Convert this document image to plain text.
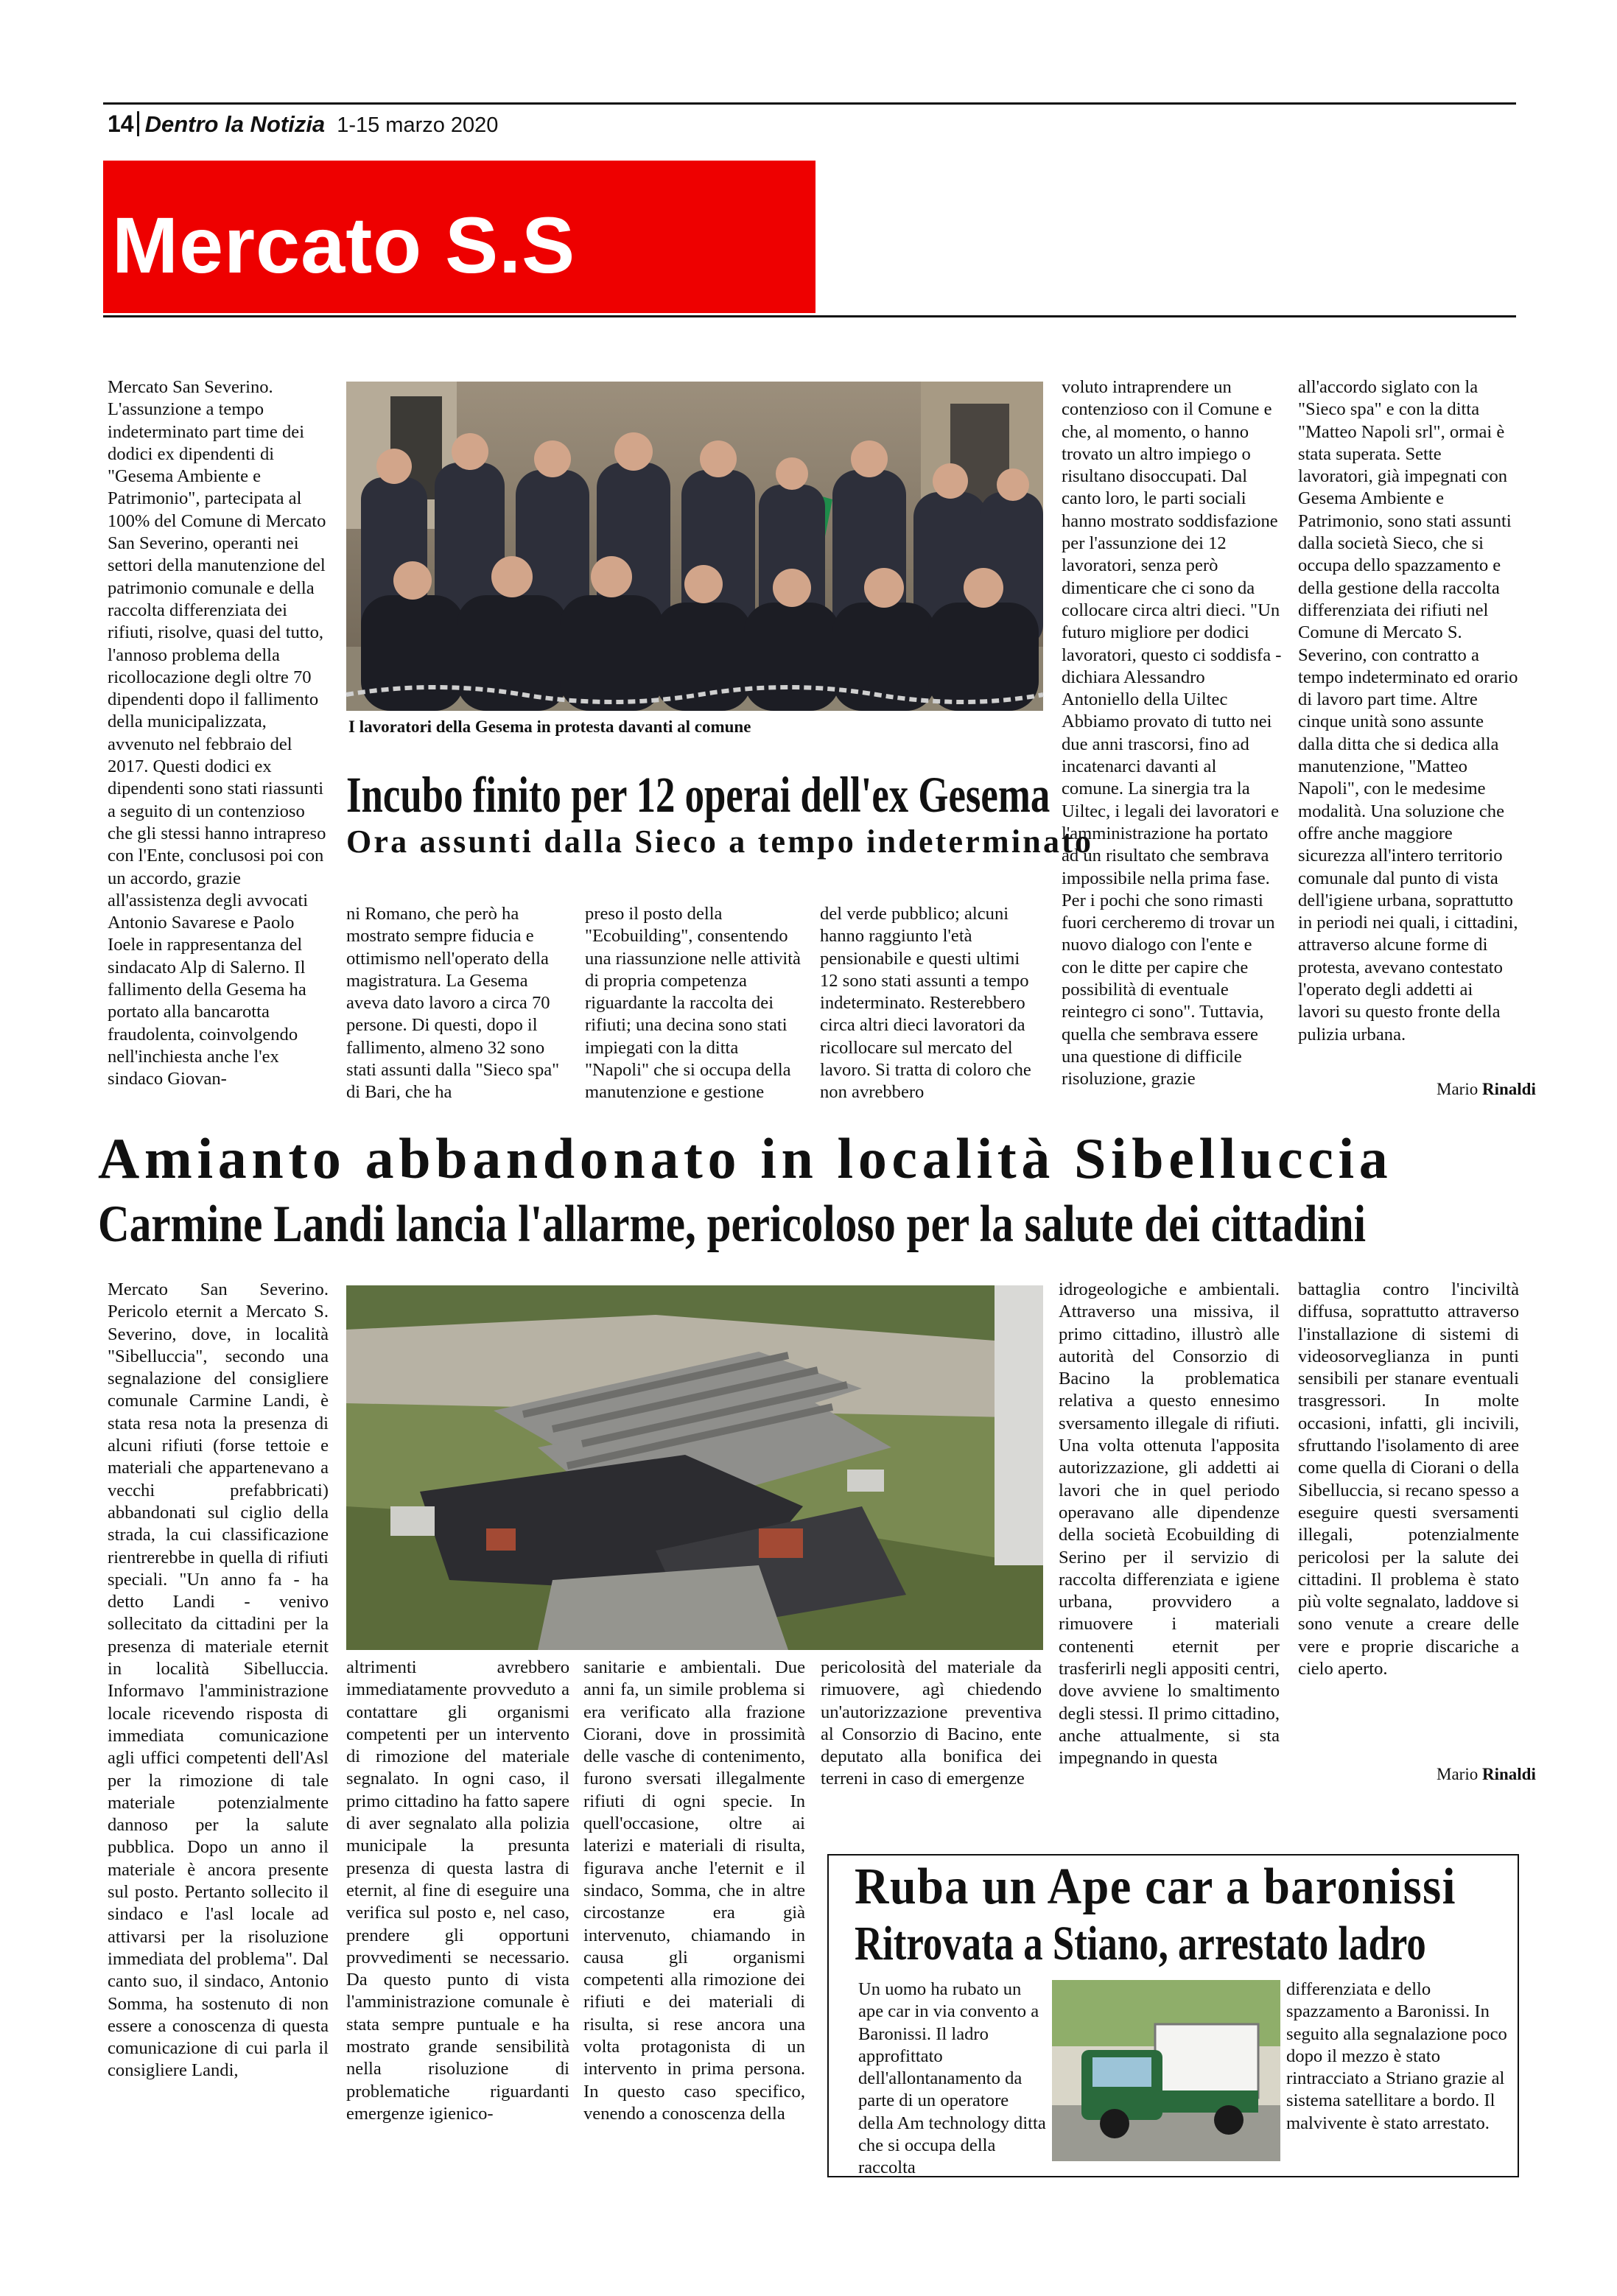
14 Dentro la Notizia 1-15 marzo 2020
Mercato S.S

Mercato San Severino. L'assunzione a tempo indeterminato part time dei dodici ex dipendenti di "Gesema Ambiente e Patrimonio", partecipata al 100% del Comune di Mercato San Severino, operanti nei settori della manutenzione del patrimonio comunale e della raccolta differenziata dei rifiuti, risolve, quasi del tutto, l'annoso problema della ricollocazione degli oltre 70 dipendenti dopo il fallimento della municipalizzata, avvenuto nel febbraio del 2017. Questi dodici ex dipendenti sono stati riassunti a seguito di un contenzioso che gli stessi hanno intrapreso con l'Ente, conclusosi poi con un accordo, grazie all'assistenza degli avvocati Antonio Savarese e Paolo Ioele in rappresentanza del sindacato Alp di Salerno. Il fallimento della Gesema ha portato alla bancarotta fraudolenta, coinvolgendo nell'inchiesta anche l'ex sindaco Giovan-

I lavoratori della Gesema in protesta davanti al comune
Incubo finito per 12 operai dell'ex Gesema
Ora assunti dalla Sieco a tempo indeterminato

ni Romano, che però ha mostrato sempre fiducia e ottimismo nell'operato della magistratura. La Gesema aveva dato lavoro a circa 70 persone. Di questi, dopo il fallimento, almeno 32 sono stati assunti dalla "Sieco spa" di Bari, che ha

preso il posto della "Ecobuilding", consentendo una riassunzione nelle attività di propria competenza riguardante la raccolta dei rifiuti; una decina sono stati impiegati con la ditta "Napoli" che si occupa della manutenzione e gestione

del verde pubblico; alcuni hanno raggiunto l'età pensionabile e questi ultimi 12 sono stati assunti a tempo indeterminato. Resterebbero circa altri dieci lavoratori da ricollocare sul mercato del lavoro. Si tratta di coloro che non avrebbero

voluto intraprendere un contenzioso con il Comune e che, al momento, o hanno trovato un altro impiego o risultano disoccupati. Dal canto loro, le parti sociali hanno mostrato soddisfazione per l'assunzione dei 12 lavoratori, senza però dimenticare che ci sono da collocare circa altri dieci. "Un futuro migliore per dodici lavoratori, questo ci soddisfa - dichiara Alessandro Antoniello della Uiltec Abbiamo provato di tutto nei due anni trascorsi, fino ad incatenarci davanti al comune. La sinergia tra la Uiltec, i legali dei lavoratori e l'amministrazione ha portato ad un risultato che sembrava impossibile nella prima fase. Per i pochi che sono rimasti fuori cercheremo di trovar un nuovo dialogo con l'ente e con le ditte per capire che possibilità di eventuale reintegro ci sono". Tuttavia, quella che sembrava essere una questione di difficile risoluzione, grazie

all'accordo siglato con la "Sieco spa" e con la ditta "Matteo Napoli srl", ormai è stata superata. Sette lavoratori, già impegnati con Gesema Ambiente e Patrimonio, sono stati assunti dalla società Sieco, che si occupa dello spazzamento e della gestione della raccolta differenziata dei rifiuti nel Comune di Mercato S. Severino, con contratto a tempo indeterminato ed orario di lavoro part time. Altre cinque unità sono assunte dalla ditta che si dedica alla manutenzione, "Matteo Napoli", con le medesime modalità. Una soluzione che offre anche maggiore sicurezza all'intero territorio comunale dal punto di vista dell'igiene urbana, soprattutto in periodi nei quali, i cittadini, attraverso alcune forme di protesta, avevano contestato l'operato degli addetti ai lavori su questo fronte della pulizia urbana.

Mario Rinaldi
Amianto abbandonato in località Sibelluccia
Carmine Landi lancia l'allarme, pericoloso per la salute dei cittadini

Mercato San Severino. Pericolo eternit a Mercato S. Severino, dove, in località "Sibelluccia", secondo una segnalazione del consigliere comunale Carmine Landi, è stata resa nota la presenza di alcuni rifiuti (forse tettoie e materiali che appartenevano a vecchi prefabbricati) abbandonati sul ciglio della strada, la cui classificazione rientrerebbe in quella di rifiuti speciali. "Un anno fa - ha detto Landi - venivo sollecitato da cittadini per la presenza di materiale eternit in località Sibelluccia. Informavo l'amministrazione locale ricevendo risposta di immediata comunicazione agli uffici competenti dell'Asl per la rimozione di tale materiale potenzialmente dannoso per la salute pubblica. Dopo un anno il materiale è ancora presente sul posto. Pertanto sollecito il sindaco e l'asl locale ad attivarsi per la risoluzione immediata del problema". Dal canto suo, il sindaco, Antonio Somma, ha sostenuto di non essere a conoscenza di questa comunicazione di cui parla il consigliere Landi,

altrimenti avrebbero immediatamente provveduto a contattare gli organismi competenti per un intervento di rimozione del materiale segnalato. In ogni caso, il primo cittadino ha fatto sapere di aver segnalato alla polizia municipale la presunta presenza di questa lastra di eternit, al fine di eseguire una verifica sul posto e, nel caso, prendere gli opportuni provvedimenti se necessario. Da questo punto di vista l'amministrazione comunale è stata sempre puntuale e ha mostrato grande sensibilità nella risoluzione di problematiche riguardanti emergenze igienico-

sanitarie e ambientali. Due anni fa, un simile problema si era verificato alla frazione Ciorani, dove in prossimità delle vasche di contenimento, furono sversati illegalmente rifiuti di ogni specie. In quell'occasione, oltre ai laterizi e materiali di risulta, figurava anche l'eternit e il sindaco, Somma, che in altre circostanze era già intervenuto, chiamando in causa gli organismi competenti alla rimozione dei rifiuti e dei materiali di risulta, si rese ancora una volta protagonista di un intervento in prima persona. In questo caso specifico, venendo a conoscenza della

pericolosità del materiale da rimuovere, agì chiedendo un'autorizzazione preventiva al Consorzio di Bacino, ente deputato alla bonifica dei terreni in caso di emergenze

idrogeologiche e ambientali. Attraverso una missiva, il primo cittadino, illustrò alle autorità del Consorzio di Bacino la problematica relativa a questo ennesimo sversamento illegale di rifiuti. Una volta ottenuta l'apposita autorizzazione, gli addetti ai lavori che in quel periodo operavano alle dipendenze della società Ecobuilding di Serino per il servizio di raccolta differenziata e igiene urbana, provvidero a rimuovere i materiali contenenti eternit per trasferirli negli appositi centri, dove avviene lo smaltimento degli stessi. Il primo cittadino, anche attualmente, si sta impegnando in questa

battaglia contro l'inciviltà diffusa, soprattutto attraverso l'installazione di sistemi di videosorveglianza in punti sensibili per stanare eventuali trasgressori. In molte occasioni, infatti, gli incivili, sfruttando l'isolamento di aree come quella di Ciorani o della Sibelluccia, si recano spesso a eseguire questi sversamenti illegali, potenzialmente pericolosi per la salute dei cittadini. Il problema è stato più volte segnalato, laddove si sono venute a creare delle vere e proprie discariche a cielo aperto.

Mario Rinaldi
Ruba un Ape car a baronissi
Ritrovata a Stiano, arrestato ladro

Un uomo ha rubato un ape car in via convento a Baronissi. Il ladro approfittato dell'allontanamento da parte di un operatore della Am technology ditta che si occupa della raccolta

differenziata e dello spazzamento a Baronissi. In seguito alla segnalazione poco dopo il mezzo è stato rintracciato a Striano grazie al sistema satellitare a bordo. Il malvivente è stato arrestato.
